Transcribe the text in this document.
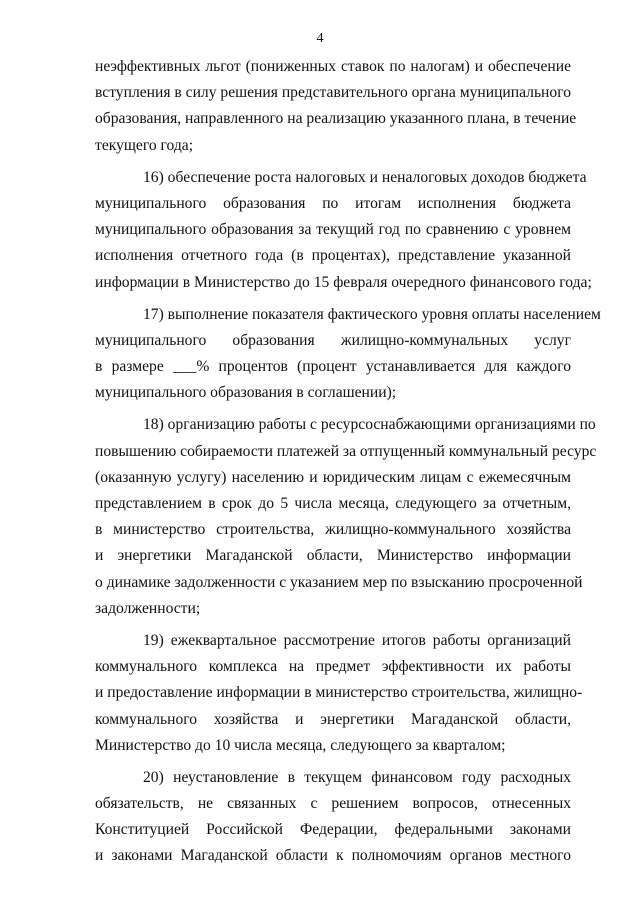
4
неэффективных льгот (пониженных ставок по налогам) и обеспечение
вступления в силу решения представительного органа муниципального
образования, направленного на реализацию указанного плана, в течение
текущего года;
16) обеспечение роста налоговых и неналоговых доходов бюджета
муниципального образования по итогам исполнения бюджета
муниципального образования за текущий год по сравнению с уровнем
исполнения отчетного года (в процентах), представление указанной
информации в Министерство до 15 февраля очередного финансового года;
17) выполнение показателя фактического уровня оплаты населением
муниципального образования жилищно-коммунальных услуг
в размере ___% процентов (процент устанавливается для каждого
муниципального образования в соглашении);
18) организацию работы с ресурсоснабжающими организациями по
повышению собираемости платежей за отпущенный коммунальный ресурс
(оказанную услугу) населению и юридическим лицам с ежемесячным
представлением в срок до 5 числа месяца, следующего за отчетным,
в министерство строительства, жилищно-коммунального хозяйства
и энергетики Магаданской области, Министерство информации
о динамике задолженности с указанием мер по взысканию просроченной
задолженности;
19) ежеквартальное рассмотрение итогов работы организаций
коммунального комплекса на предмет эффективности их работы
и предоставление информации в министерство строительства, жилищно-
коммунального хозяйства и энергетики Магаданской области,
Министерство до 10 числа месяца, следующего за кварталом;
20) неустановление в текущем финансовом году расходных
обязательств, не связанных с решением вопросов, отнесенных
Конституцией Российской Федерации, федеральными законами
и законами Магаданской области к полномочиям органов местного
